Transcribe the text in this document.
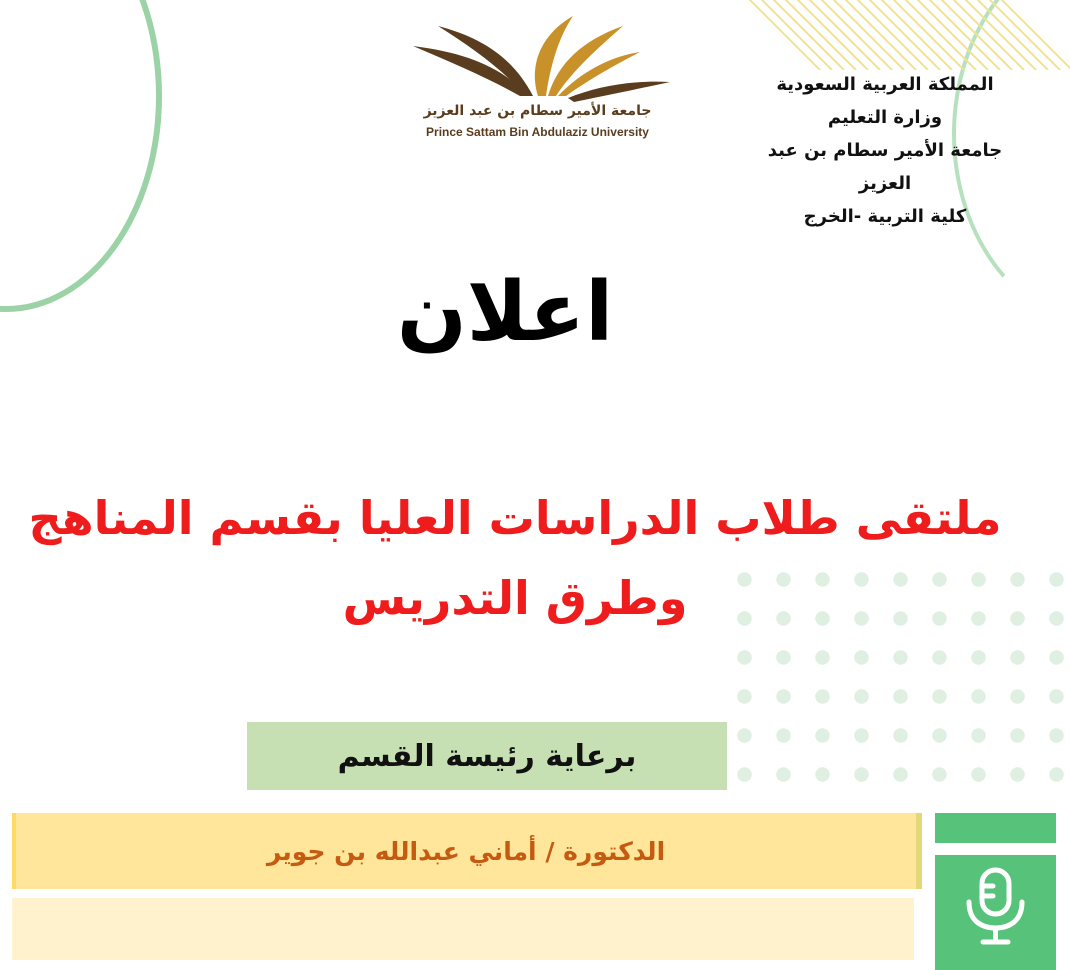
جامعة الأمير سطام بن عبد العزيز
Prince Sattam Bin Abdulaziz University
المملكة العربية السعودية
وزارة التعليم
جامعة الأمير سطام بن عبد
العزيز
كلية التربية -الخرج
اعلان
ملتقى طلاب الدراسات العليا بقسم المناهج
وطرق التدريس
برعاية رئيسة القسم
الدكتورة / أماني عبدالله بن جوير
